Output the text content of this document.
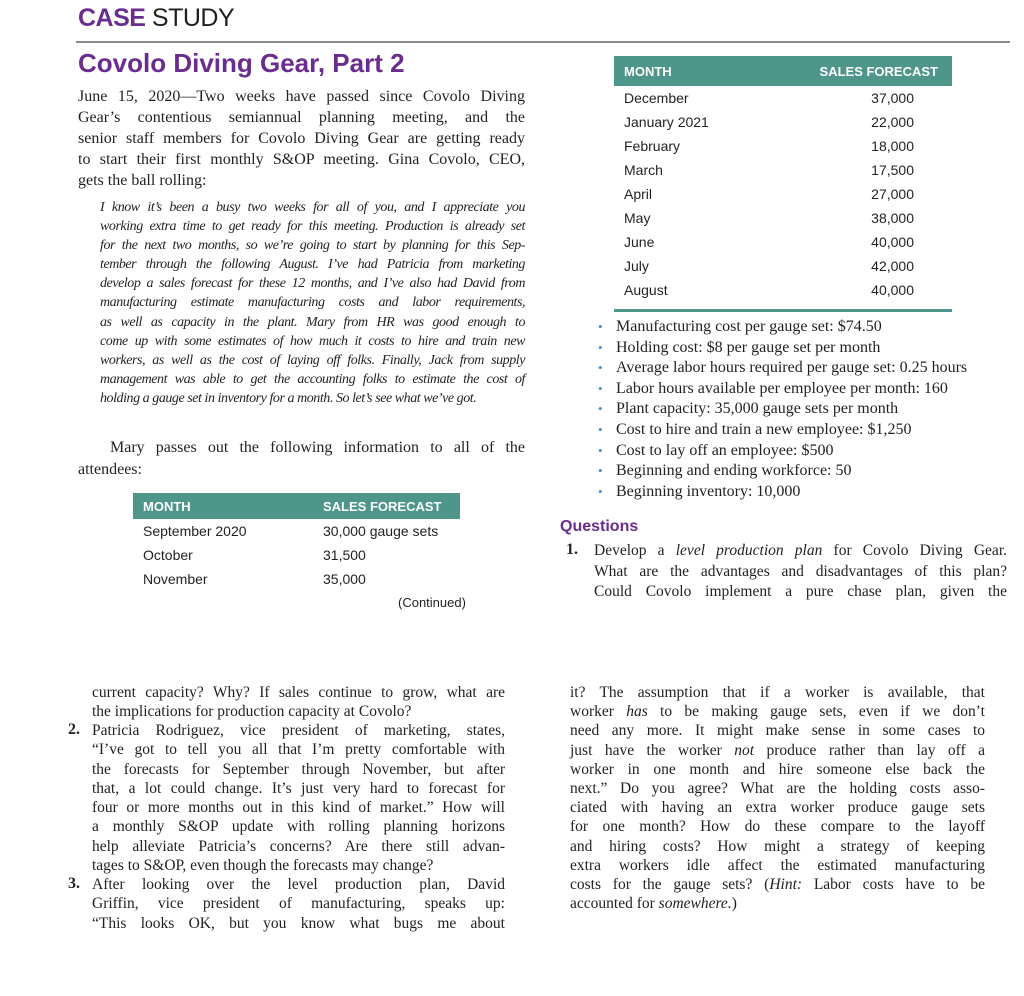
CASE STUDY
Covolo Diving Gear, Part 2
June 15, 2020—Two weeks have passed since Covolo Diving
Gear’s contentious semiannual planning meeting, and the
senior staff members for Covolo Diving Gear are getting ready
to start their first monthly S&OP meeting. Gina Covolo, CEO,
gets the ball rolling:
I know it’s been a busy two weeks for all of you, and I appreciate you
working extra time to get ready for this meeting. Production is already set
for the next two months, so we’re going to start by planning for this Sep-
tember through the following August. I’ve had Patricia from marketing
develop a sales forecast for these 12 months, and I’ve also had David from
manufacturing estimate manufacturing costs and labor requirements,
as well as capacity in the plant. Mary from HR was good enough to
come up with some estimates of how much it costs to hire and train new
workers, as well as the cost of laying off folks. Finally, Jack from supply
management was able to get the accounting folks to estimate the cost of
holding a gauge set in inventory for a month. So let’s see what we’ve got.
Mary passes out the following information to all of the
attendees:
MONTH	SALES FORECAST
September 2020	30,000 gauge sets
October	31,500
November	35,000
(Continued)
MONTH	SALES FORECAST
December	37,000
January 2021	22,000
February	18,000
March	17,500
April	27,000
May	38,000
June	40,000
July	42,000
August	40,000
• Manufacturing cost per gauge set: $74.50
• Holding cost: $8 per gauge set per month
• Average labor hours required per gauge set: 0.25 hours
• Labor hours available per employee per month: 160
• Plant capacity: 35,000 gauge sets per month
• Cost to hire and train a new employee: $1,250
• Cost to lay off an employee: $500
• Beginning and ending workforce: 50
• Beginning inventory: 10,000
Questions
1. Develop a level production plan for Covolo Diving Gear.
What are the advantages and disadvantages of this plan?
Could Covolo implement a pure chase plan, given the
current capacity? Why? If sales continue to grow, what are
the implications for production capacity at Covolo?
2. Patricia Rodriguez, vice president of marketing, states,
“I’ve got to tell you all that I’m pretty comfortable with
the forecasts for September through November, but after
that, a lot could change. It’s just very hard to forecast for
four or more months out in this kind of market.” How will
a monthly S&OP update with rolling planning horizons
help alleviate Patricia’s concerns? Are there still advan-
tages to S&OP, even though the forecasts may change?
3. After looking over the level production plan, David
Griffin, vice president of manufacturing, speaks up:
“This looks OK, but you know what bugs me about
it? The assumption that if a worker is available, that
worker has to be making gauge sets, even if we don’t
need any more. It might make sense in some cases to
just have the worker not produce rather than lay off a
worker in one month and hire someone else back the
next.” Do you agree? What are the holding costs asso-
ciated with having an extra worker produce gauge sets
for one month? How do these compare to the layoff
and hiring costs? How might a strategy of keeping
extra workers idle affect the estimated manufacturing
costs for the gauge sets? (Hint: Labor costs have to be
accounted for somewhere.)
